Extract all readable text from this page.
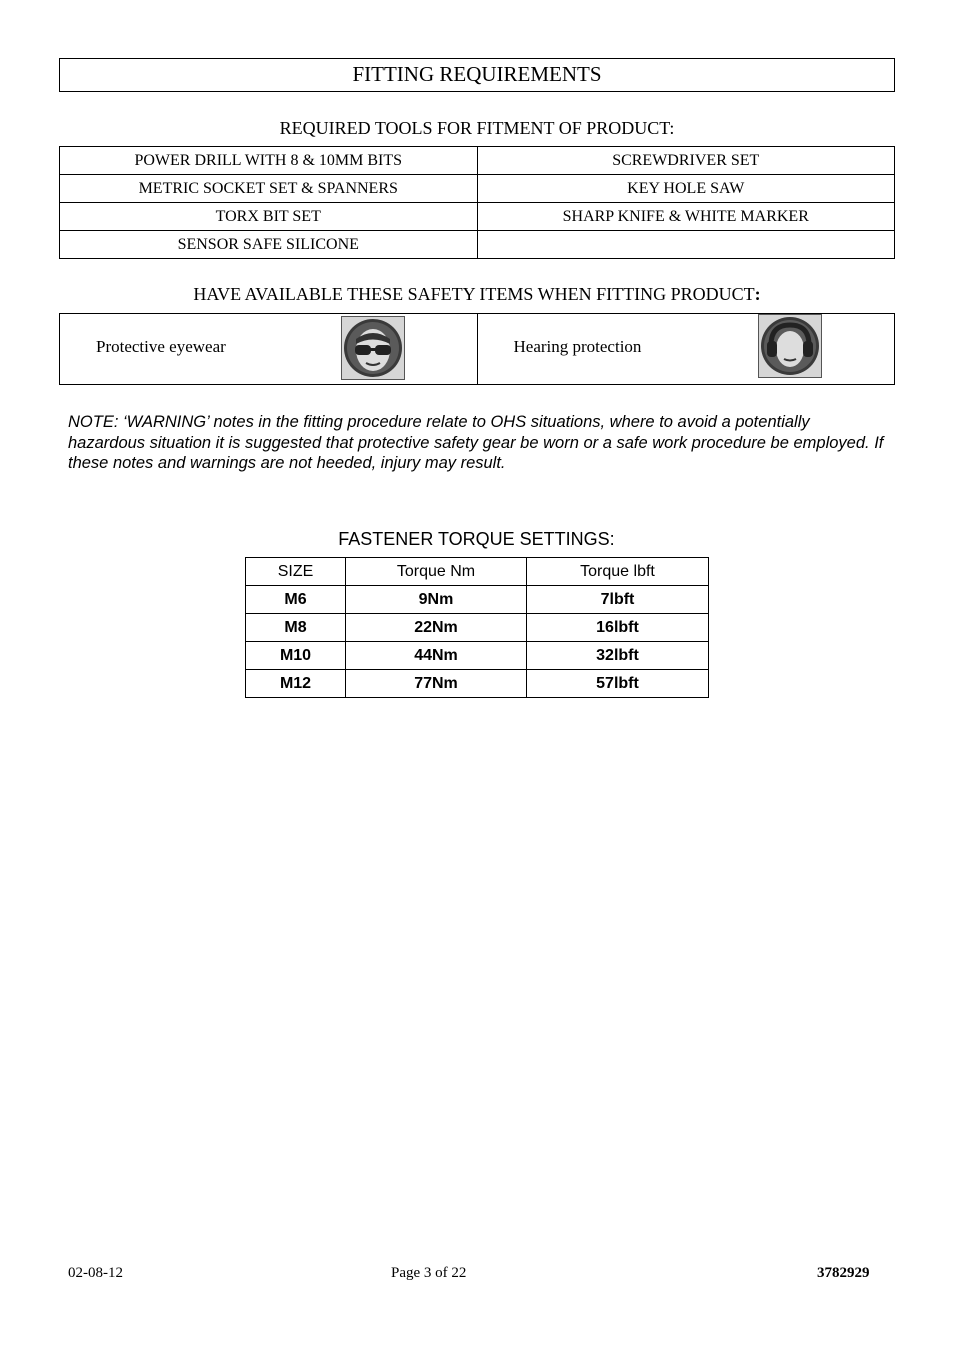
FITTING REQUIREMENTS
REQUIRED TOOLS FOR FITMENT OF PRODUCT:
POWER DRILL WITH 8 & 10MM BITS	SCREWDRIVER SET
METRIC SOCKET SET & SPANNERS	KEY HOLE SAW
TORX BIT SET	SHARP KNIFE & WHITE MARKER
SENSOR SAFE SILICONE	
HAVE AVAILABLE THESE SAFETY ITEMS WHEN FITTING PRODUCT:
Protective eyewear	Hearing protection
NOTE: ‘WARNING’ notes in the fitting procedure relate to OHS situations, where to avoid a potentially hazardous situation it is suggested that protective safety gear be worn or a safe work procedure be employed. If these notes and warnings are not heeded, injury may result.
FASTENER TORQUE SETTINGS:
SIZE	Torque Nm	Torque lbft
M6	9Nm	7lbft
M8	22Nm	16lbft
M10	44Nm	32lbft
M12	77Nm	57lbft
02-08-12	Page 3 of 22	3782929
